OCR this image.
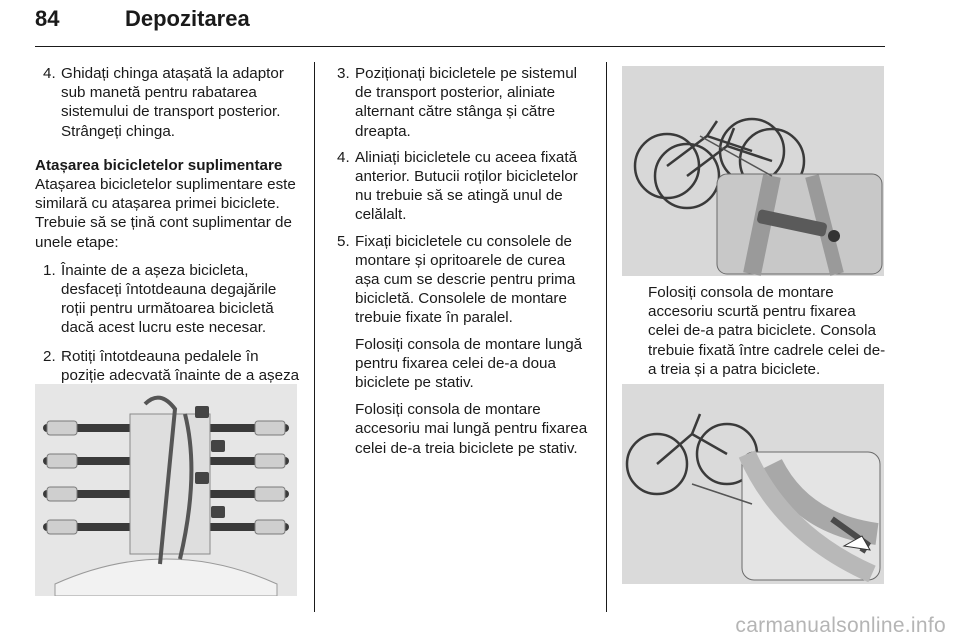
84	Depozitarea
4. Ghidați chinga atașată la adaptor sub manetă pentru rabatarea sistemului de transport posterior. Strângeți chinga.
Atașarea bicicletelor suplimentare
Atașarea bicicletelor suplimentare este similară cu atașarea primei biciclete. Trebuie să se țină cont suplimentar de unele etape:
1. Înainte de a așeza bicicleta, desfaceți întotdeauna degajările roții pentru următoarea bicicletă dacă acest lucru este necesar.
2. Rotiți întotdeauna pedalele în poziție adecvată înainte de a așeza
3. Poziționați bicicletele pe sistemul de transport posterior, aliniate alternant către stânga și către dreapta.
4. Aliniați bicicletele cu aceea fixată anterior. Butucii roților bicicletelor nu trebuie să se atingă unul de celălalt.
5. Fixați bicicletele cu consolele de montare și opritoarele de curea așa cum se descrie pentru prima bicicletă. Consolele de montare trebuie fixate în paralel.
Folosiți consola de montare lungă pentru fixarea celei de-a doua biciclete pe stativ.
Folosiți consola de montare accesoriu mai lungă pentru fixarea celei de-a treia biciclete pe stativ.
Folosiți consola de montare accesoriu scurtă pentru fixarea celei de-a patra biciclete. Consola trebuie fixată între cadrele celei de-a treia și a patra biciclete.
carmanualsonline.info
